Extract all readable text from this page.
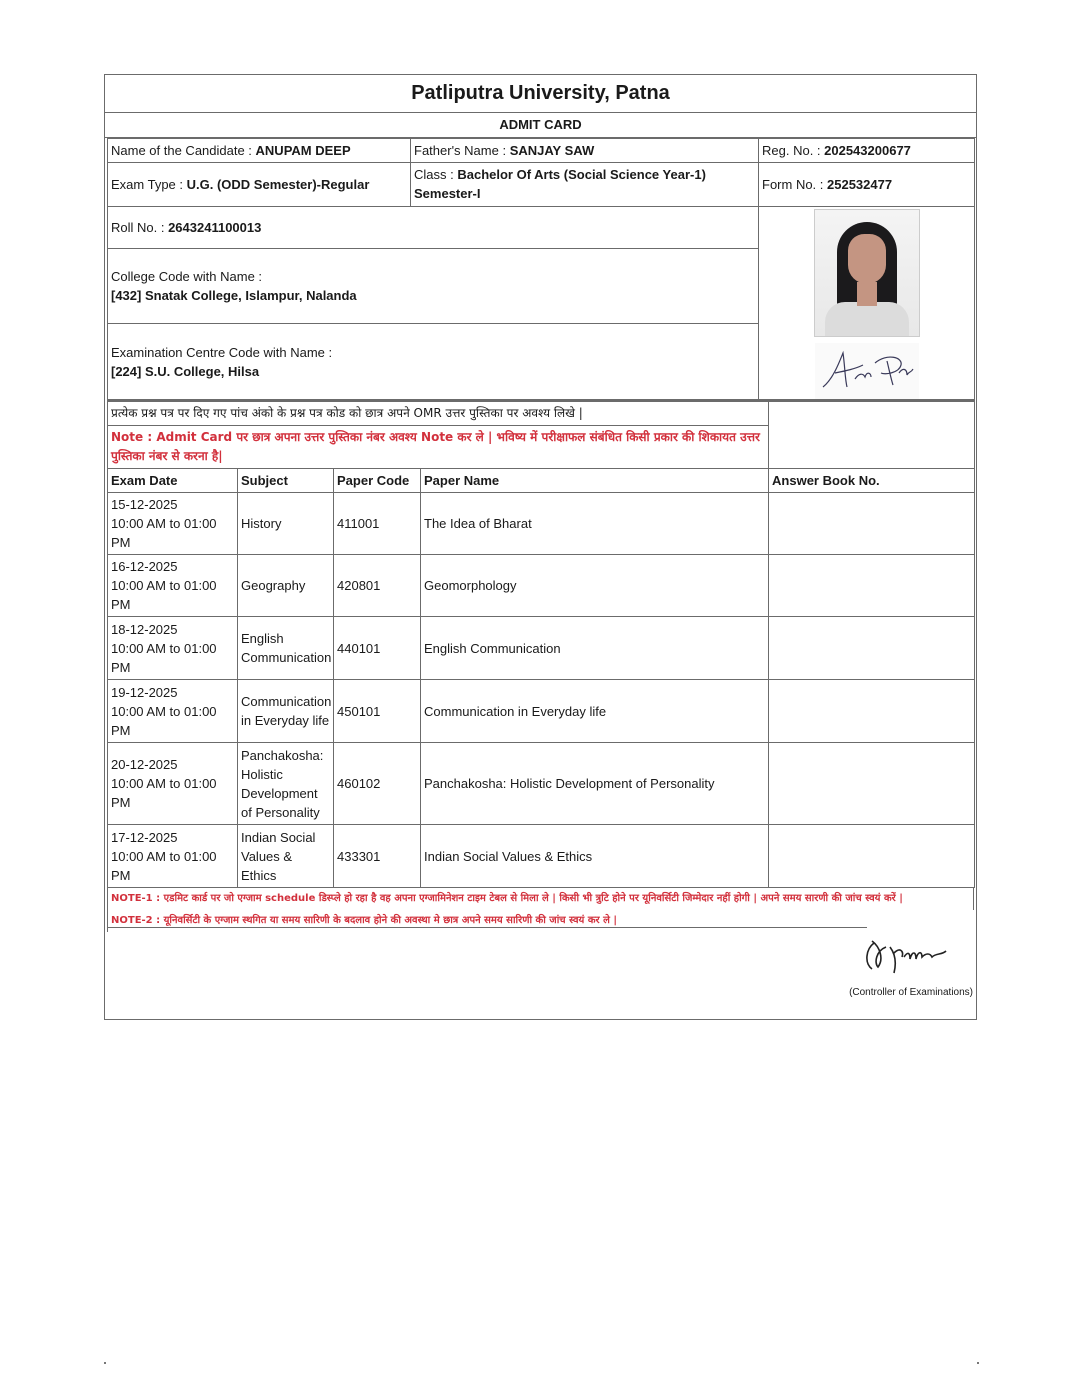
Patliputra University, Patna
ADMIT CARD
Name of the Candidate : ANUPAM DEEP	Father's Name : SANJAY SAW	Reg. No. : 202543200677
Exam Type : U.G. (ODD Semester)-Regular	Class : Bachelor Of Arts (Social Science Year-1) Semester-I	Form No. : 252532477
Roll No. : 2643241100013	

College Code with Name :
[432] Snatak College, Islampur, Nalanda		

Examination Centre Code with Name :
[224] S.U. College, Hilsa		
प्रत्येक प्रश्न पत्र पर दिए गए पांच अंको के प्रश्न पत्र कोड को छात्र अपने OMR उत्तर पुस्तिका पर अवश्य लिखे |				
Note : Admit Card पर छात्र अपना उत्तर पुस्तिका नंबर अवश्य Note कर ले | भविष्य में परीक्षाफल संबंधित किसी प्रकार की शिकायत उत्तर पुस्तिका नंबर से करना है|				
Exam Date	Subject	Paper Code	Paper Name	Answer Book No.

15-12-2025
10:00 AM to 01:00 PM	History	411001	The Idea of Bharat	

16-12-2025
10:00 AM to 01:00 PM	Geography	420801	Geomorphology	

18-12-2025
10:00 AM to 01:00 PM	English Communication	440101	English Communication	

19-12-2025
10:00 AM to 01:00 PM	Communication in Everyday life	450101	Communication in Everyday life	

20-12-2025
10:00 AM to 01:00 PM	Panchakosha: Holistic Development of Personality	460102	Panchakosha: Holistic Development of Personality	

17-12-2025
10:00 AM to 01:00 PM	Indian Social Values & Ethics	433301	Indian Social Values & Ethics	
NOTE-1 : एडमिट कार्ड पर जो एग्जाम schedule डिस्प्ले हो रहा है वह अपना एग्जामिनेशन टाइम टेबल से मिला ले | किसी भी त्रुटि होने पर यूनिवर्सिटी जिम्मेदार नहीं होगी | अपने समय सारणी की जांच स्वयं करें |
NOTE-2 : यूनिवर्सिटी के एग्जाम स्थगित या समय सारिणी के बदलाव होने की अवस्था मे छात्र अपने समय सारिणी की जांच स्वयं कर ले |
(Controller of Examinations)
